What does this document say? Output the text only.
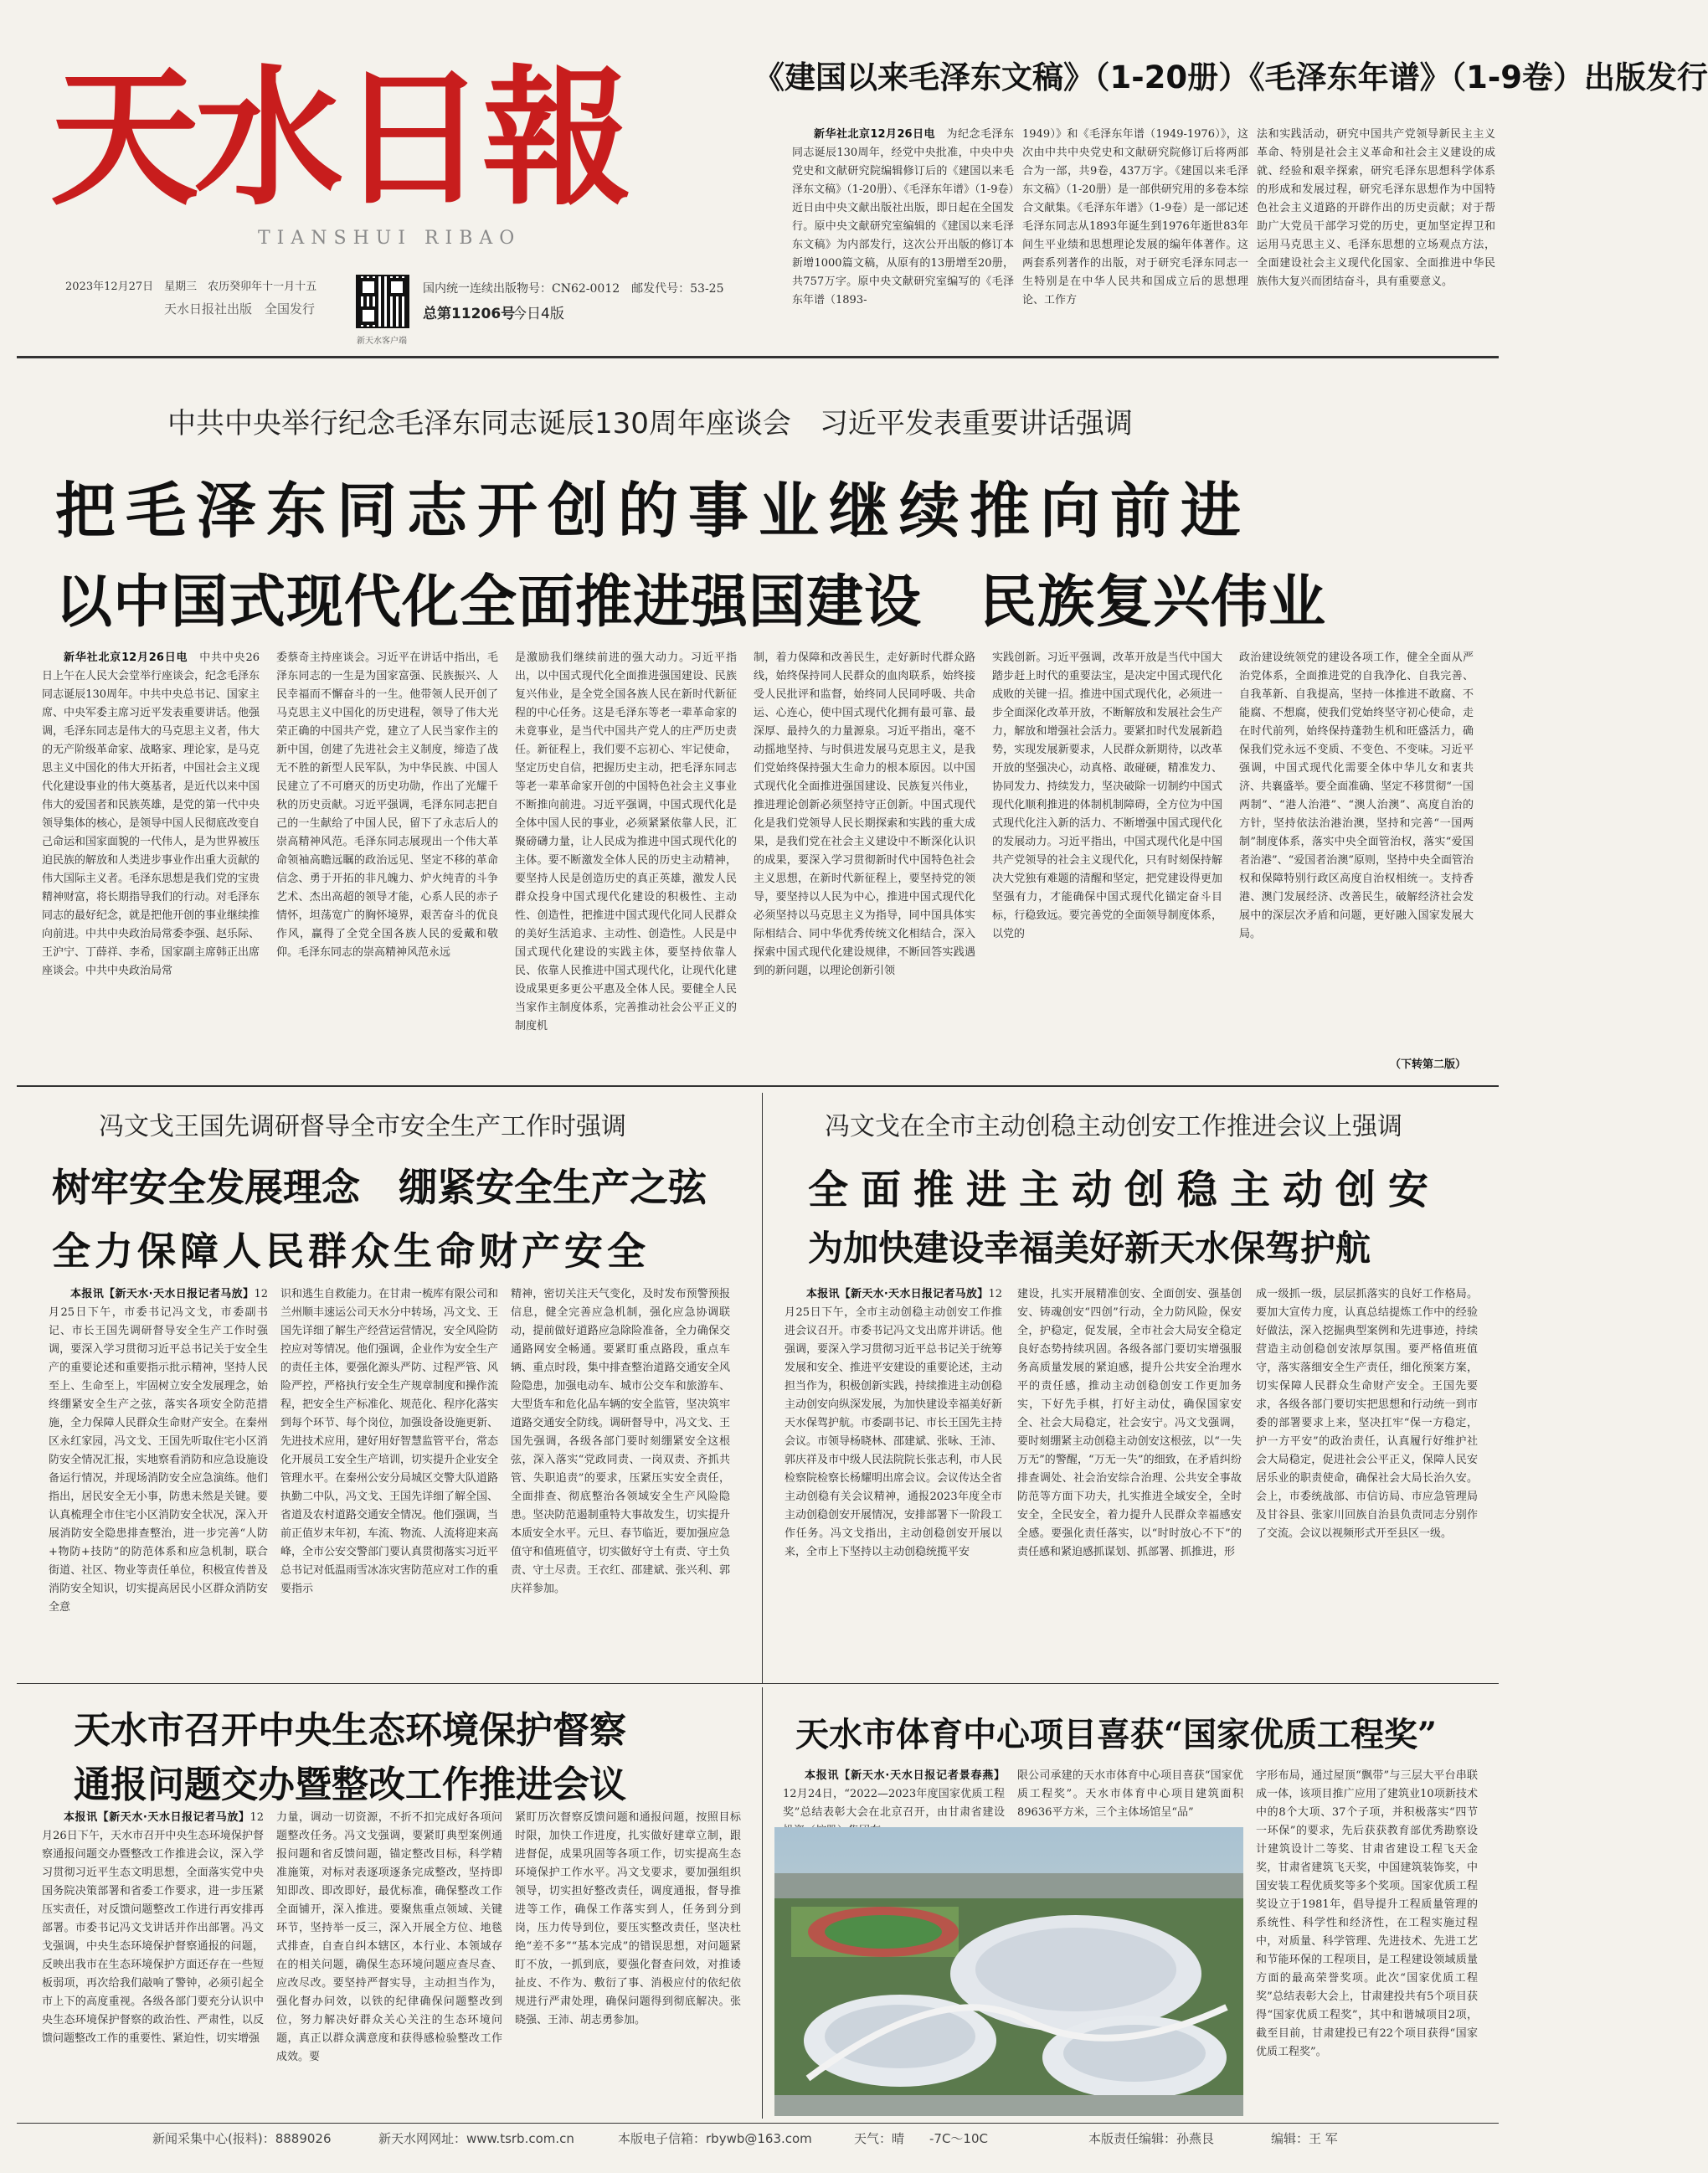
天水日報
TIANSHUI RIBAO
2023年12月27日　星期三　农历癸卯年十一月十五
天水日报社出版　全国发行
新天水客户端
国内统一连续出版物号：CN62-0012　邮发代号：53-25
总第11206号
今日4版
《建国以来毛泽东文稿》（1-20册）《毛泽东年谱》（1-9卷）出版发行

新华社北京12月26日电　 为纪念毛泽东同志诞辰130周年，经党中央批准，中央中央党史和文献研究院编辑修订后的《建国以来毛泽东文稿》（1-20册）、《毛泽东年谱》（1-9卷）近日由中央文献出版社出版，即日起在全国发行。原中央文献研究室编辑的《建国以来毛泽东文稿》为内部发行，这次公开出版的修订本新增1000篇文稿，从原有的13册增至20册，共757万字。原中央文献研究室编写的《毛泽东年谱（1893-

1949）》和《毛泽东年谱（1949-1976）》，这次由中共中央党史和文献研究院修订后将两部合为一部，共9卷，437万字。《建国以来毛泽东文稿》（1-20册）是一部供研究用的多卷本综合文献集。《毛泽东年谱》（1-9卷）是一部记述毛泽东同志从1893年诞生到1976年逝世83年间生平业绩和思想理论发展的编年体著作。这两套系列著作的出版，对于研究毛泽东同志一生特别是在中华人民共和国成立后的思想理论、工作方

法和实践活动，研究中国共产党领导新民主主义革命、特别是社会主义革命和社会主义建设的成就、经验和艰辛探索，研究毛泽东思想科学体系的形成和发展过程，研究毛泽东思想作为中国特色社会主义道路的开辟作出的历史贡献；对于帮助广大党员干部学习党的历史，更加坚定捍卫和运用马克思主义、毛泽东思想的立场观点方法，全面建设社会主义现代化国家、全面推进中华民族伟大复兴而团结奋斗，具有重要意义。

中共中央举行纪念毛泽东同志诞辰130周年座谈会　习近平发表重要讲话强调
把毛泽东同志开创的事业继续推向前进
以中国式现代化全面推进强国建设　民族复兴伟业

新华社北京12月26日电　 中共中央26日上午在人民大会堂举行座谈会，纪念毛泽东同志诞辰130周年。中共中央总书记、国家主席、中央军委主席习近平发表重要讲话。他强调，毛泽东同志是伟大的马克思主义者，伟大的无产阶级革命家、战略家、理论家，是马克思主义中国化的伟大开拓者，中国社会主义现代化建设事业的伟大奠基者，是近代以来中国伟大的爱国者和民族英雄，是党的第一代中央领导集体的核心，是领导中国人民彻底改变自己命运和国家面貌的一代伟人，是为世界被压迫民族的解放和人类进步事业作出重大贡献的伟大国际主义者。毛泽东思想是我们党的宝贵精神财富，将长期指导我们的行动。对毛泽东同志的最好纪念，就是把他开创的事业继续推向前进。中共中央政治局常委李强、赵乐际、王沪宁、丁薛祥、李希，国家副主席韩正出席座谈会。中共中央政治局常

委蔡奇主持座谈会。习近平在讲话中指出，毛泽东同志的一生是为国家富强、民族振兴、人民幸福而不懈奋斗的一生。他带领人民开创了马克思主义中国化的历史进程，领导了伟大光荣正确的中国共产党，建立了人民当家作主的新中国，创建了先进社会主义制度，缔造了战无不胜的新型人民军队，为中华民族、中国人民建立了不可磨灭的历史功勋，作出了光耀千秋的历史贡献。习近平强调，毛泽东同志把自己的一生献给了中国人民，留下了永志后人的崇高精神风范。毛泽东同志展现出一个伟大革命领袖高瞻远瞩的政治远见、坚定不移的革命信念、勇于开拓的非凡魄力、炉火纯青的斗争艺术、杰出高超的领导才能，心系人民的赤子情怀，坦荡宽广的胸怀境界，艰苦奋斗的优良作风，赢得了全党全国各族人民的爱戴和敬仰。毛泽东同志的崇高精神风范永远

是激励我们继续前进的强大动力。习近平指出，以中国式现代化全面推进强国建设、民族复兴伟业，是全党全国各族人民在新时代新征程的中心任务。这是毛泽东等老一辈革命家的未竟事业，是当代中国共产党人的庄严历史责任。新征程上，我们要不忘初心、牢记使命，坚定历史自信，把握历史主动，把毛泽东同志等老一辈革命家开创的中国特色社会主义事业不断推向前进。习近平强调，中国式现代化是全体中国人民的事业，必须紧紧依靠人民，汇聚磅礴力量，让人民成为推进中国式现代化的主体。要不断激发全体人民的历史主动精神，要坚持人民是创造历史的真正英雄，激发人民群众投身中国式现代化建设的积极性、主动性、创造性，把推进中国式现代化同人民群众的美好生活追求、主动性、创造性。人民是中国式现代化建设的实践主体，要坚持依靠人民、依靠人民推进中国式现代化，让现代化建设成果更多更公平惠及全体人民。要健全人民当家作主制度体系，完善推动社会公平正义的制度机

制，着力保障和改善民生，走好新时代群众路线，始终保持同人民群众的血肉联系，始终接受人民批评和监督，始终同人民同呼吸、共命运、心连心，使中国式现代化拥有最可靠、最深厚、最持久的力量源泉。习近平指出，毫不动摇地坚持、与时俱进发展马克思主义，是我们党始终保持强大生命力的根本原因。以中国式现代化全面推进强国建设、民族复兴伟业，推进理论创新必须坚持守正创新。中国式现代化是我们党领导人民长期探索和实践的重大成果，是我们党在社会主义建设中不断深化认识的成果，要深入学习贯彻新时代中国特色社会主义思想，在新时代新征程上，要坚持党的领导，要坚持以人民为中心，推进中国式现代化必须坚持以马克思主义为指导，同中国具体实际相结合、同中华优秀传统文化相结合，深入探索中国式现代化建设规律，不断回答实践遇到的新问题，以理论创新引领

实践创新。习近平强调，改革开放是当代中国大踏步赶上时代的重要法宝，是决定中国式现代化成败的关键一招。推进中国式现代化，必须进一步全面深化改革开放，不断解放和发展社会生产力，解放和增强社会活力。要紧扣时代发展新趋势，实现发展新要求，人民群众新期待，以改革开放的坚强决心，动真格、敢碰硬，精准发力、协同发力、持续发力，坚决破除一切制约中国式现代化顺利推进的体制机制障碍，全方位为中国式现代化注入新的活力、不断增强中国式现代化的发展动力。习近平指出，中国式现代化是中国共产党领导的社会主义现代化，只有时刻保持解决大党独有难题的清醒和坚定，把党建设得更加坚强有力，才能确保中国式现代化锚定奋斗目标，行稳致远。要完善党的全面领导制度体系，以党的

政治建设统领党的建设各项工作，健全全面从严治党体系，全面推进党的自我净化、自我完善、自我革新、自我提高，坚持一体推进不敢腐、不能腐、不想腐，使我们党始终坚守初心使命，走在时代前列，始终保持蓬勃生机和旺盛活力，确保我们党永远不变质、不变色、不变味。习近平强调，中国式现代化需要全体中华儿女和衷共济、共襄盛举。要全面准确、坚定不移贯彻“一国两制”、“港人治港”、“澳人治澳”、高度自治的方针，坚持依法治港治澳，坚持和完善“一国两制”制度体系，落实中央全面管治权，落实“爱国者治港”、“爱国者治澳”原则，坚持中央全面管治权和保障特别行政区高度自治权相统一。支持香港、澳门发展经济、改善民生，破解经济社会发展中的深层次矛盾和问题，更好融入国家发展大局。

（下转第二版）
冯文戈王国先调研督导全市安全生产工作时强调
树牢安全发展理念　绷紧安全生产之弦
全力保障人民群众生命财产安全

本报讯【新天水·天水日报记者马放】12月25日下午，市委书记冯文戈，市委副书记、市长王国先调研督导安全生产工作时强调，要深入学习贯彻习近平总书记关于安全生产的重要论述和重要指示批示精神，坚持人民至上、生命至上，牢固树立安全发展理念，始终绷紧安全生产之弦，落实各项安全防范措施，全力保障人民群众生命财产安全。在秦州区永红家园，冯文戈、王国先听取住宅小区消防安全情况汇报，实地察看消防和应急设施设备运行情况，并现场消防安全应急演练。他们指出，居民安全无小事，防患未然是关键。要认真梳理全市住宅小区消防安全状况，深入开展消防安全隐患排查整治，进一步完善“人防+物防+技防”的防范体系和应急机制，联合街道、社区、物业等责任单位，积极宣传普及消防安全知识，切实提高居民小区群众消防安全意

识和逃生自救能力。在甘肃一梳库有限公司和兰州顺丰速运公司天水分中转场，冯文戈、王国先详细了解生产经营运营情况，安全风险防控应对等情况。他们强调，企业作为安全生产的责任主体，要强化源头严防、过程严管、风险严控，严格执行安全生产规章制度和操作流程，把安全生产标准化、规范化、程序化落实到每个环节、每个岗位，加强设备设施更新、先进技术应用，建好用好智慧监管平台，常态化开展员工安全生产培训，切实提升企业安全管理水平。在秦州公安分局城区交警大队道路执勤二中队，冯文戈、王国先详细了解全国、省道及农村道路交通安全情况。他们强调，当前正值岁末年初，车流、物流、人流将迎来高峰，全市公安交警部门要认真贯彻落实习近平总书记对低温雨雪冰冻灾害防范应对工作的重要指示

精神，密切关注天气变化，及时发布预警预报信息，健全完善应急机制，强化应急协调联动，提前做好道路应急除险准备，全力确保交通路网安全畅通。要紧盯重点路段，重点车辆、重点时段，集中排查整治道路交通安全风险隐患，加强电动车、城市公交车和旅游车、大型货车和危化品车辆的安全监管，坚决筑牢道路交通安全防线。调研督导中，冯文戈、王国先强调，各级各部门要时刻绷紧安全这根弦，深入落实“党政同责、一岗双责、齐抓共管、失职追责”的要求，压紧压实安全责任，全面排查、彻底整治各领域安全生产风险隐患。坚决防范遏制重特大事故发生，切实提升本质安全水平。元旦、春节临近，要加强应急值守和值班值守，切实做好守土有责、守土负责、守土尽责。王衣红、邵建斌、张兴利、郭庆祥参加。

冯文戈在全市主动创稳主动创安工作推进会议上强调
全面推进主动创稳主动创安
为加快建设幸福美好新天水保驾护航

本报讯【新天水·天水日报记者马放】12月25日下午，全市主动创稳主动创安工作推进会议召开。市委书记冯文戈出席并讲话。他强调，要深入学习贯彻习近平总书记关于统筹发展和安全、推进平安建设的重要论述，主动担当作为，积极创新实践，持续推进主动创稳主动创安向纵深发展，为加快建设幸福美好新天水保驾护航。市委副书记、市长王国先主持会议。市领导杨晓林、邵建斌、张咏、王沛、郭庆祥及市中级人民法院院长张志利，市人民检察院检察长杨耀明出席会议。会议传达全省主动创稳有关会议精神，通报2023年度全市主动创稳创安开展情况，安排部署下一阶段工作任务。冯文戈指出，主动创稳创安开展以来，全市上下坚持以主动创稳统揽平安

建设，扎实开展精准创安、全面创安、强基创安、铸魂创安“四创”行动，全力防风险，保安全，护稳定，促发展，全市社会大局安全稳定良好态势持续巩固。各级各部门要切实增强服务高质量发展的紧迫感，提升公共安全治理水平的责任感，推动主动创稳创安工作更加务实，下好先手棋，打好主动仗，确保国家安全、社会大局稳定，社会安宁。冯文戈强调，要时刻绷紧主动创稳主动创安这根弦，以“一失万无”的警醒，“万无一失”的细致，在矛盾纠纷排查调处、社会治安综合治理、公共安全事故防范等方面下功夫，扎实推进全域安全，全时安全，全民安全，着力提升人民群众幸福感安全感。要强化责任落实，以“时时放心不下”的责任感和紧迫感抓谋划、抓部署、抓推进，形

成一级抓一级，层层抓落实的良好工作格局。要加大宣传力度，认真总结提炼工作中的经验好做法，深入挖掘典型案例和先进事迹，持续营造主动创稳创安浓厚氛围。要严格值班值守，落实落细安全生产责任，细化预案方案，切实保障人民群众生命财产安全。王国先要求，各级各部门要切实把思想和行动统一到市委的部署要求上来，坚决扛牢“保一方稳定，护一方平安”的政治责任，认真履行好维护社会大局稳定，促进社会公平正义，保障人民安居乐业的职责使命，确保社会大局长治久安。会上，市委统战部、市信访局、市应急管理局及甘谷县、张家川回族自治县负责同志分别作了交流。会议以视频形式开至县区一级。

天水市召开中央生态环境保护督察
通报问题交办暨整改工作推进会议

本报讯【新天水·天水日报记者马放】12月26日下午，天水市召开中央生态环境保护督察通报问题交办暨整改工作推进会议，深入学习贯彻习近平生态文明思想，全面落实党中央国务院决策部署和省委工作要求，进一步压紧压实责任，对反馈问题整改工作进行再安排再部署。市委书记冯文戈讲话并作出部署。冯文戈强调，中央生态环境保护督察通报的问题，反映出我市在生态环境保护方面还存在一些短板弱项，再次给我们敲响了警钟，必须引起全市上下的高度重视。各级各部门要充分认识中央生态环境保护督察的政治性、严肃性，以反馈问题整改工作的重要性、紧迫性，切实增强

力量，调动一切资源，不折不扣完成好各项问题整改任务。冯文戈强调，要紧盯典型案例通报问题和省反馈问题，锚定整改目标，科学精准施策，对标对表逐项逐条完成整改，坚持即知即改、即改即好，最优标准，确保整改工作全面铺开，深入推进。要聚焦重点领域、关键环节，坚持举一反三，深入开展全方位、地毯式排查，自查自纠本辖区，本行业、本领域存在的相关问题，确保生态环境问题应查尽查、应改尽改。要坚持严督实导，主动担当作为，强化督办问效，以铁的纪律确保问题整改到位，努力解决好群众关心关注的生态环境问题，真正以群众满意度和获得感检验整改工作成效。要

紧盯历次督察反馈问题和通报问题，按照目标时限，加快工作进度，扎实做好建章立制，跟进督促，成果巩固等各项工作，切实提高生态环境保护工作水平。冯文戈要求，要加强组织领导，切实担好整改责任，调度通报，督导推进等工作，确保工作落实到人，任务到分到岗，压力传导到位，要压实整改责任，坚决杜绝“差不多”“基本完成”的错误思想，对问题紧盯不放，一抓到底，要强化督查问效，对推诿扯皮、不作为、敷衍了事、消极应付的依纪依规进行严肃处理，确保问题得到彻底解决。张晓强、王沛、胡志勇参加。

天水市体育中心项目喜获“国家优质工程奖”

本报讯【新天水·天水日报记者景春燕】12月24日，“2022—2023年度国家优质工程奖”总结表彰大会在北京召开，由甘肃省建设

限公司承建的天水市体育中心项目喜获“国家优质工程奖”。天水市体育中心项目建筑面积89636平方米，三个主体场馆呈“品”

字形布局，通过屋顶“飘带”与三层大平台串联成一体，该项目推广应用了建筑业10项新技术中的8个大项、37个子项，并积极落实“四节一环保”的要求，先后获获教育部优秀勘察设计建筑设计二等奖、甘肃省建设工程飞天金奖，甘肃省建筑飞天奖，中国建筑装饰奖，中国安装工程优质奖等多个奖项。国家优质工程奖设立于1981年，倡导提升工程质量管理的系统性、科学性和经济性，在工程实施过程中，对质量、科学管理、先进技术、先进工艺和节能环保的工程项目，是工程建设领域质量方面的最高荣誉奖项。此次“国家优质工程奖”总结表彰大会上，甘肃建投共有5个项目获得“国家优质工程奖”，其中和谐城项目2项，截至目前，甘肃建投已有22个项目获得“国家优质工程奖”。

新闻采集中心(报料)：8889026	新天水网网址：www.tsrb.com.cn	本版电子信箱：rbywb@163.com	天气：晴 -7C～10C	本版责任编辑：孙燕艮	编辑：王 军
